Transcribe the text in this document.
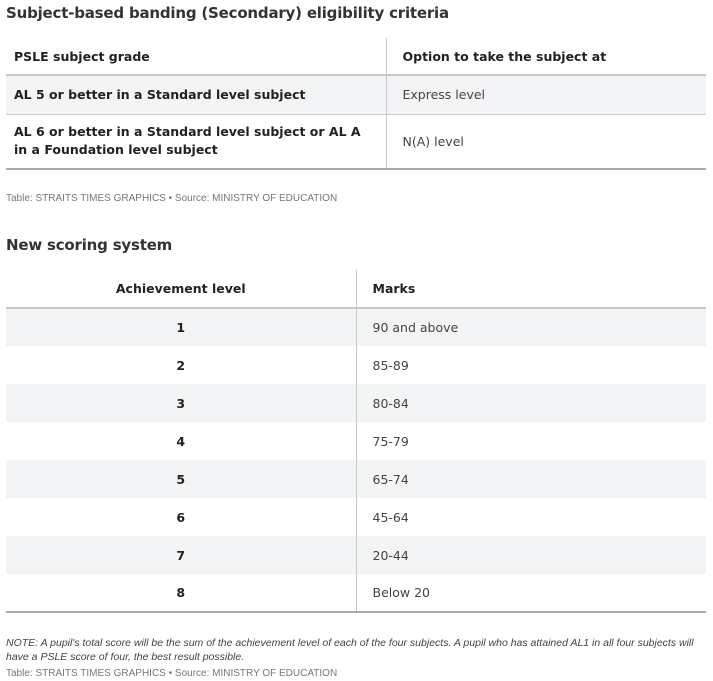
Subject-based banding (Secondary) eligibility criteria
PSLE subject grade	Option to take the subject at
AL 5 or better in a Standard level subject	Express level
AL 6 or better in a Standard level subject or AL A in a Foundation level subject	N(A) level
Table: STRAITS TIMES GRAPHICS • Source: MINISTRY OF EDUCATION
New scoring system
Achievement level	Marks
1	90 and above
2	85-89
3	80-84
4	75-79
5	65-74
6	45-64
7	20-44
8	Below 20
NOTE: A pupil's total score will be the sum of the achievement level of each of the four subjects. A pupil who has attained AL1 in all four subjects will have a PSLE score of four, the best result possible.
Table: STRAITS TIMES GRAPHICS • Source: MINISTRY OF EDUCATION
